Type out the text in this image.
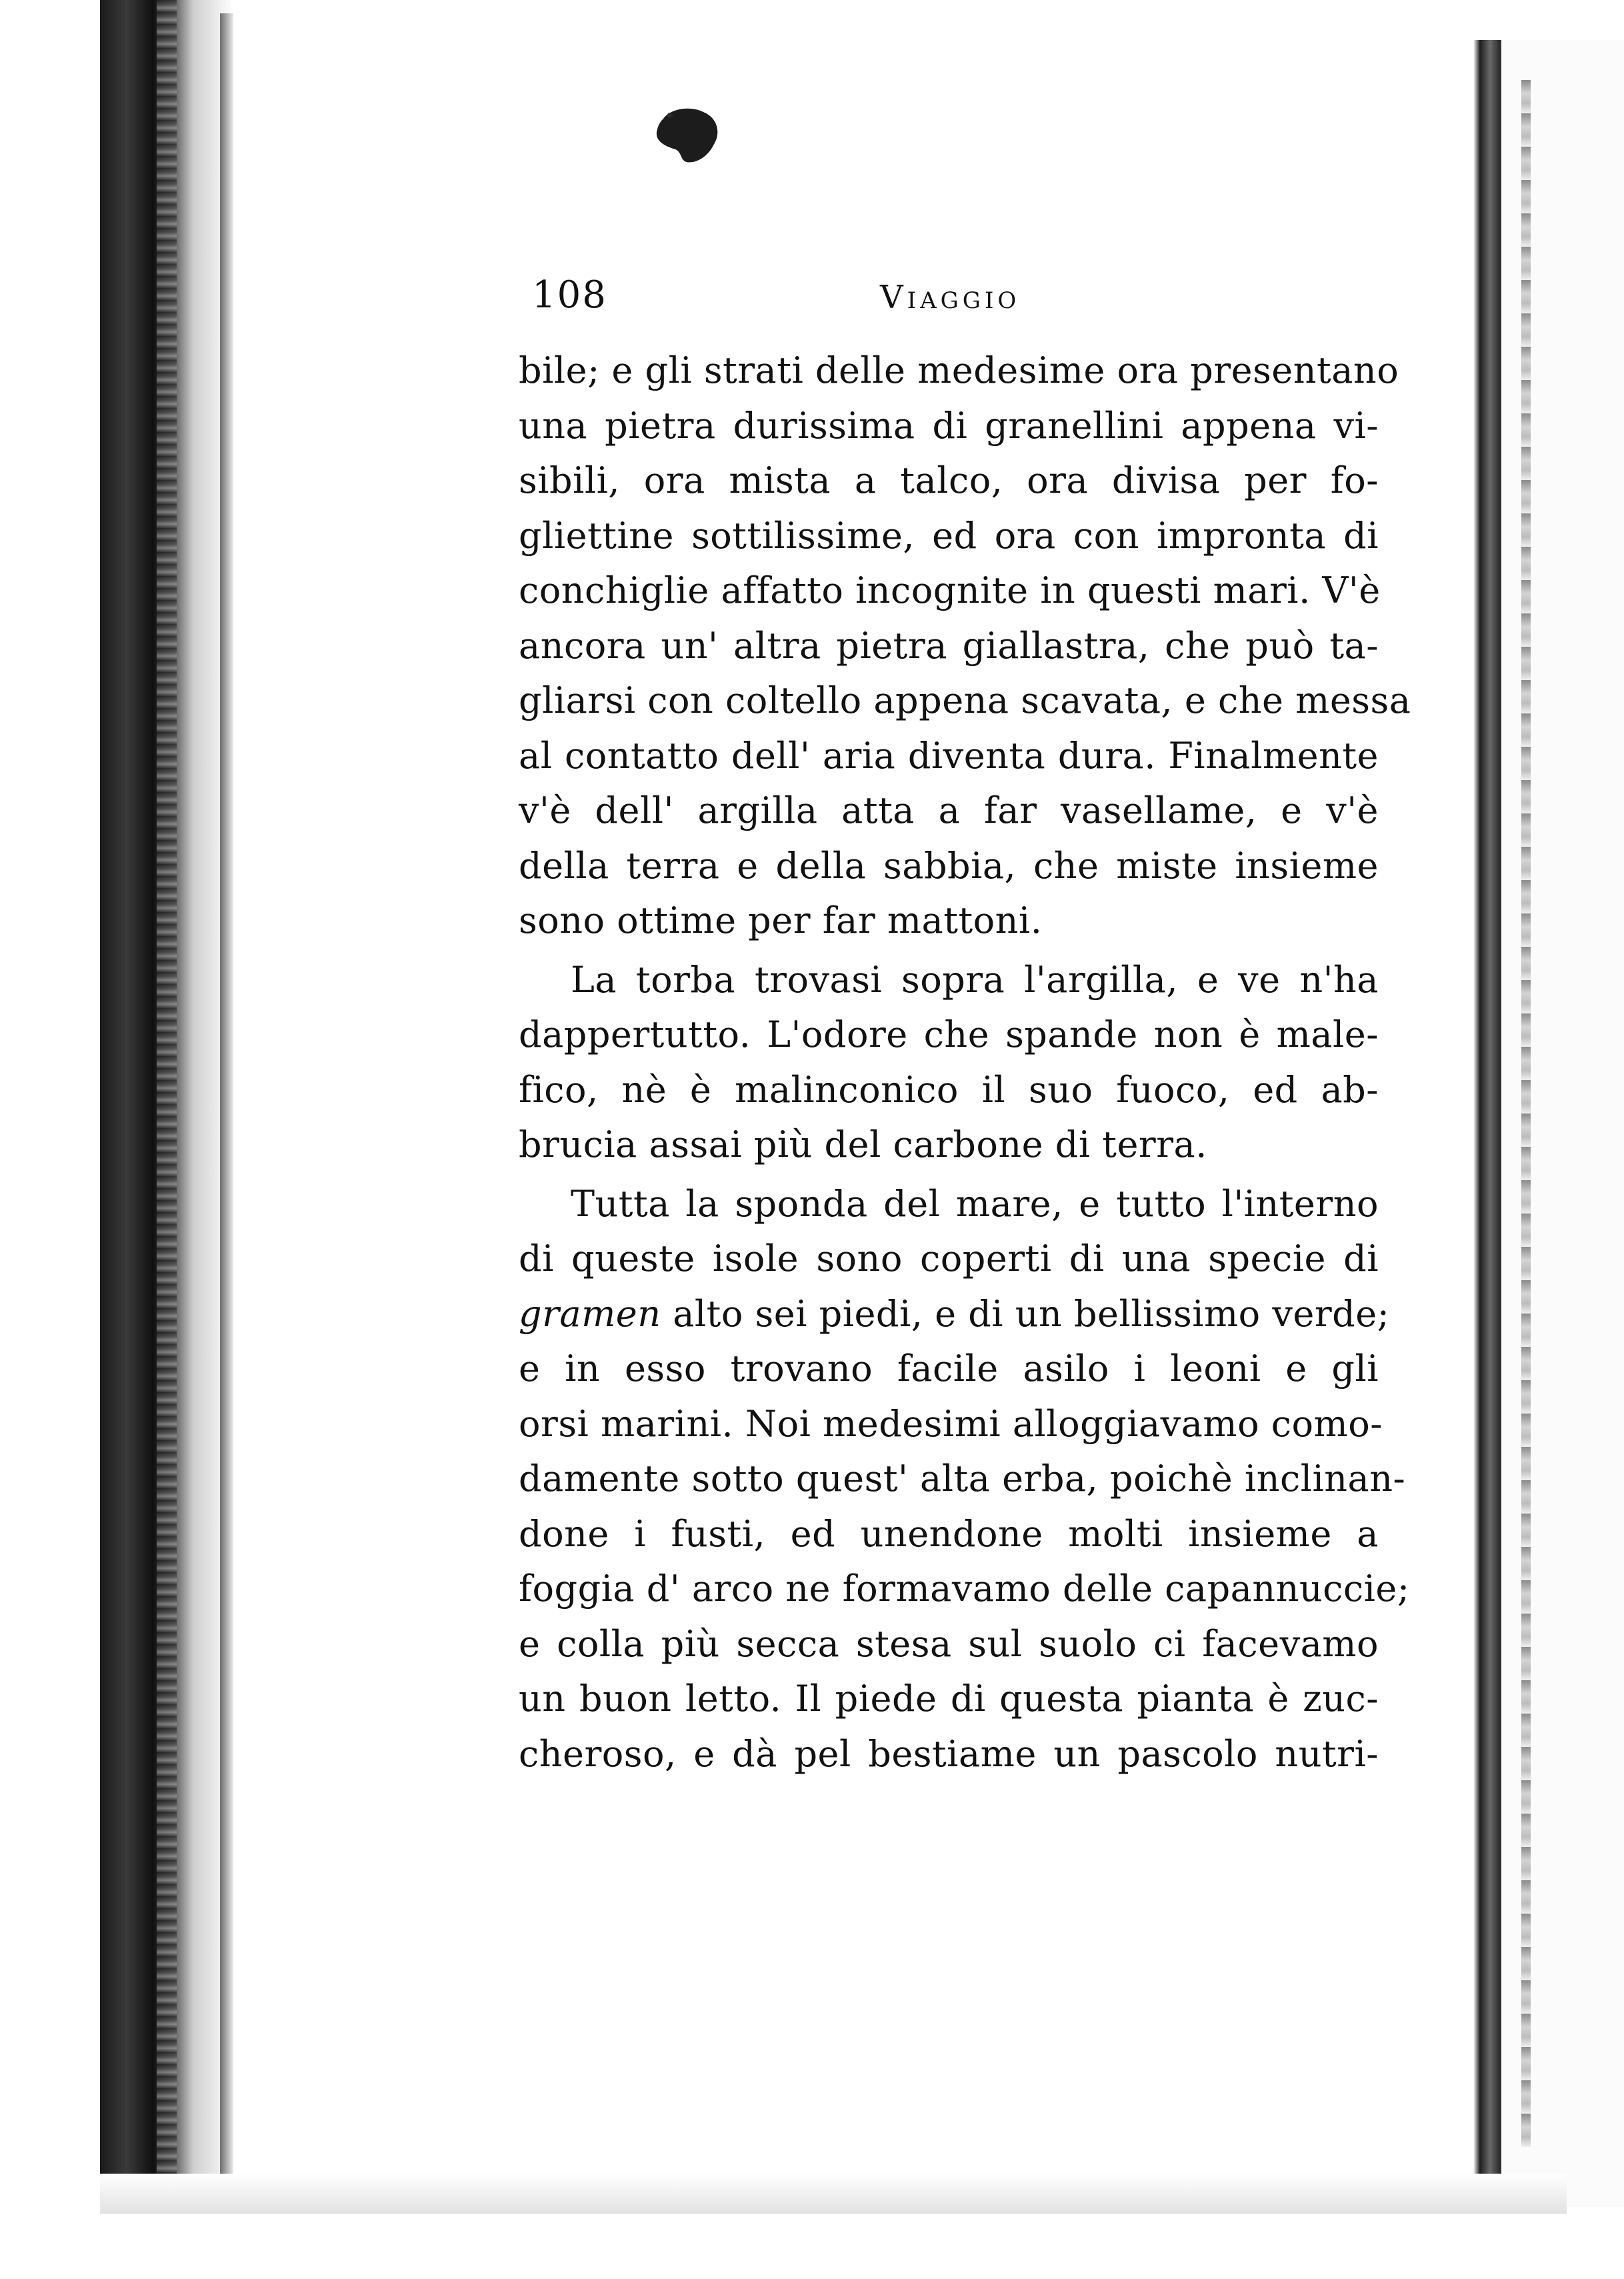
108	Viaggio
bile; e gli strati delle medesime ora presentano
una pietra durissima di granellini appena vi-
sibili, ora mista a talco, ora divisa per fo-
gliettine sottilissime, ed ora con impronta di
conchiglie affatto incognite in questi mari. V'è
ancora un' altra pietra giallastra, che può ta-
gliarsi con coltello appena scavata, e che messa
al contatto dell' aria diventa dura. Finalmente
v'è dell' argilla atta a far vasellame, e v'è
della terra e della sabbia, che miste insieme
sono ottime per far mattoni.
La torba trovasi sopra l'argilla, e ve n'ha
dappertutto. L'odore che spande non è male-
fico, nè è malinconico il suo fuoco, ed ab-
brucia assai più del carbone di terra.
Tutta la sponda del mare, e tutto l'interno
di queste isole sono coperti di una specie di
gramen alto sei piedi, e di un bellissimo verde;
e in esso trovano facile asilo i leoni e gli
orsi marini. Noi medesimi alloggiavamo como-
damente sotto quest' alta erba, poichè inclinan-
done i fusti, ed unendone molti insieme a
foggia d' arco ne formavamo delle capannuccie;
e colla più secca stesa sul suolo ci facevamo
un buon letto. Il piede di questa pianta è zuc-
cheroso, e dà pel bestiame un pascolo nutri-
